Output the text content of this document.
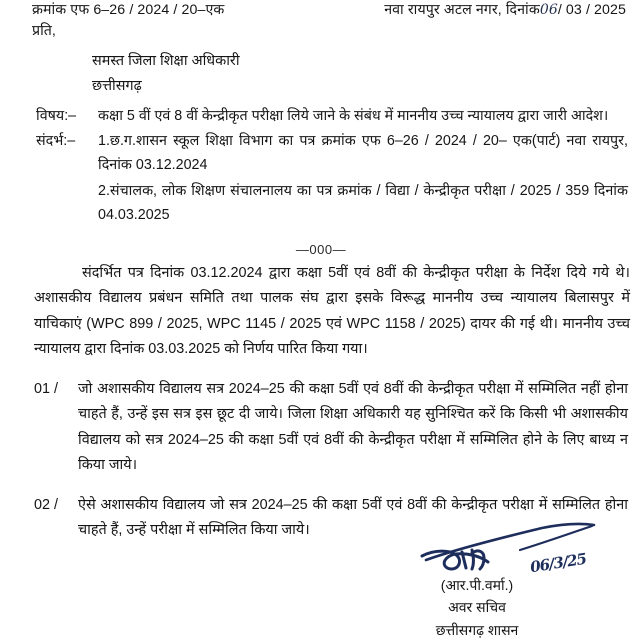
क्रमांक एफ 6–26 / 2024 / 20–एक	नवा रायपुर अटल नगर, दिनांक06/ 03 / 2025
प्रति,
समस्त जिला शिक्षा अधिकारी
छत्तीसगढ़
विषय:–	कक्षा 5 वीं एवं 8 वीं केन्द्रीकृत परीक्षा लिये जाने के संबंध में माननीय उच्च न्यायालय द्वारा जारी आदेश।
संदर्भ:–	1.छ.ग.शासन स्कूल शिक्षा विभाग का पत्र क्रमांक एफ 6–26 / 2024 / 20– एक(पार्ट) नवा रायपुर, दिनांक 03.12.2024
2.संचालक, लोक शिक्षण संचालनालय का पत्र क्रमांक / विद्या / केन्द्रीकृत परीक्षा / 2025 / 359 दिनांक 04.03.2025
—000—
संदर्भित पत्र दिनांक 03.12.2024 द्वारा कक्षा 5वीं एवं 8वीं की केन्द्रीकृत परीक्षा के निर्देश दिये गये थे। अशासकीय विद्यालय प्रबंधन समिति तथा पालक संघ द्वारा इसके विरूद्ध माननीय उच्च न्यायालय बिलासपुर में याचिकाएं (WPC 899 / 2025, WPC 1145 / 2025 एवं WPC 1158 / 2025) दायर की गई थी। माननीय उच्च न्यायालय द्वारा दिनांक 03.03.2025 को निर्णय पारित किया गया।
01 /	जो अशासकीय विद्यालय सत्र 2024–25 की कक्षा 5वीं एवं 8वीं की केन्द्रीकृत परीक्षा में सम्मिलित नहीं होना चाहते हैं, उन्हें इस सत्र इस छूट दी जाये। जिला शिक्षा अधिकारी यह सुनिश्चित करें कि किसी भी अशासकीय विद्यालय को सत्र 2024–25 की कक्षा 5वीं एवं 8वीं की केन्द्रीकृत परीक्षा में सम्मिलित होने के लिए बाध्य न किया जाये।
02 /	ऐसे अशासकीय विद्यालय जो सत्र 2024–25 की कक्षा 5वीं एवं 8वीं की केन्द्रीकृत परीक्षा में सम्मिलित होना चाहते हैं, उन्हें परीक्षा में सम्मिलित किया जाये।
06/3/25
(आर.पी.वर्मा.)
अवर सचिव
छत्तीसगढ़ शासन
